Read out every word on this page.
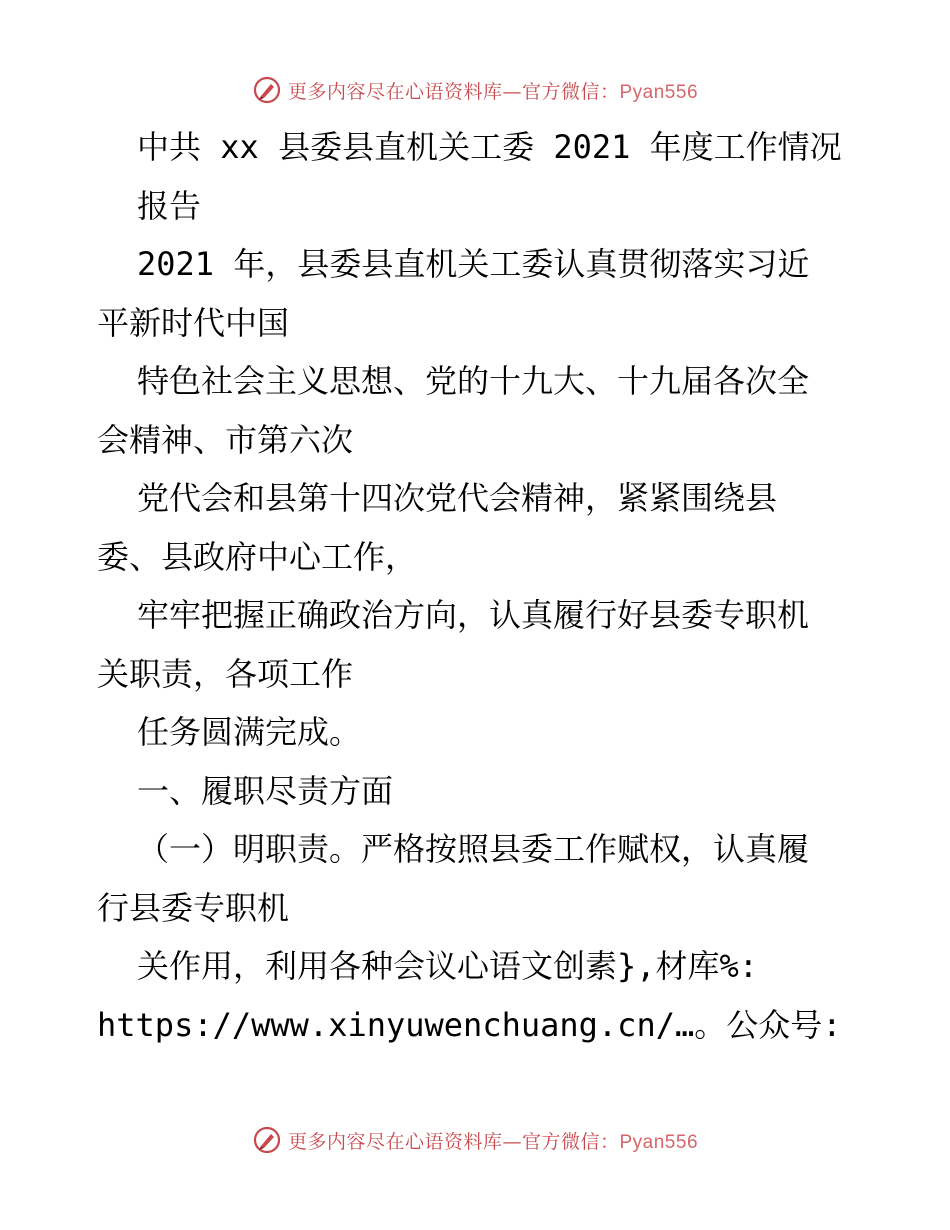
更多内容尽在心语资料库—官方微信：Pyan556
中共 xx 县委县直机关工委 2021 年度工作情况
报告
2021 年，县委县直机关工委认真贯彻落实习近
平新时代中国
特色社会主义思想、党的十九大、十九届各次全
会精神、市第六次
党代会和县第十四次党代会精神，紧紧围绕县
委、县政府中心工作，
牢牢把握正确政治方向，认真履行好县委专职机
关职责，各项工作
任务圆满完成。
一、履职尽责方面
（一）明职责。严格按照县委工作赋权，认真履
行县委专职机
关作用，利用各种会议心语文创素},材库%:
https://www.xinyuwenchuang.cn/…。公众号:
更多内容尽在心语资料库—官方微信：Pyan556
